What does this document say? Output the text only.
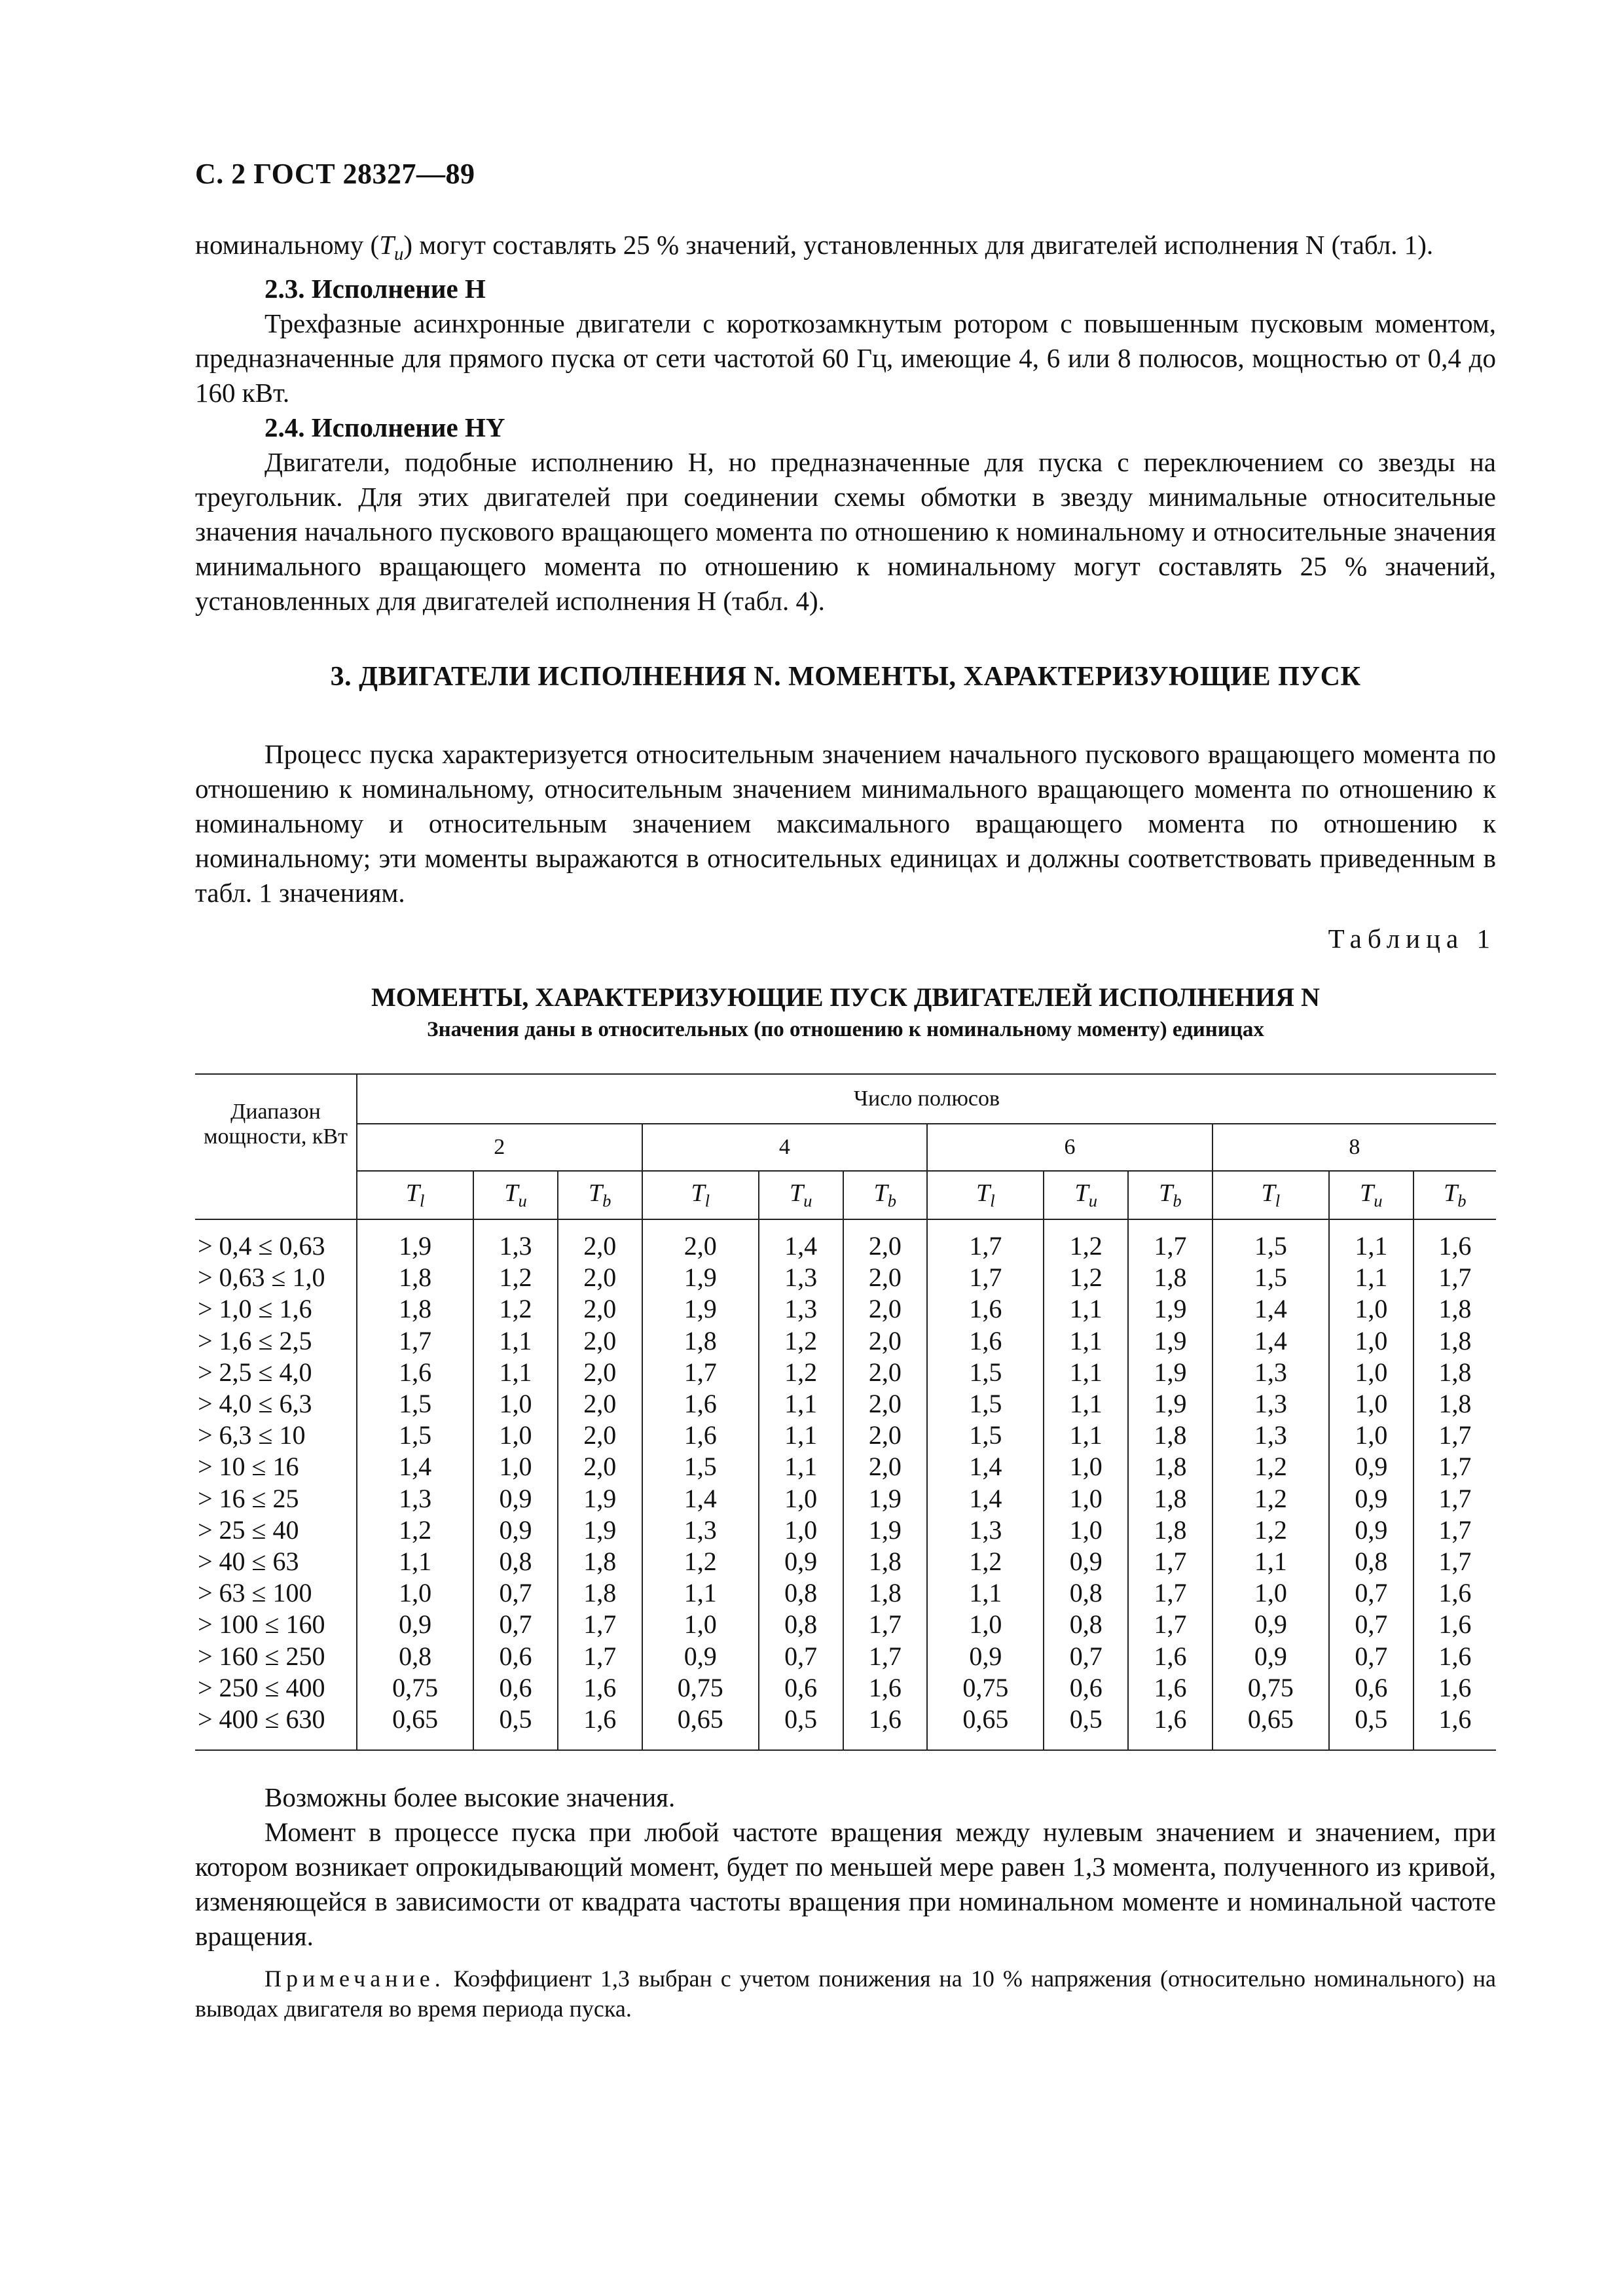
С. 2 ГОСТ 28327—89

номинальному $(T_u)$ могут составлять 25 % значений, установленных для двигателей исполнения N (табл. 1).

2.3. Исполнение H

Трехфазные асинхронные двигатели с короткозамкнутым ротором с повышенным пусковым моментом, предназначенные для прямого пуска от сети частотой 60 Гц, имеющие 4, 6 или 8 полюсов, мощностью от 0,4 до 160 кВт.

2.4. Исполнение HY

Двигатели, подобные исполнению H, но предназначенные для пуска с переключением со звезды на треугольник. Для этих двигателей при соединении схемы обмотки в звезду минимальные относительные значения начального пускового вращающего момента по отношению к номинальному и относительные значения минимального вращающего момента по отношению к номинальному могут составлять 25 % значений, установленных для двигателей исполнения H (табл. 4).

3. ДВИГАТЕЛИ ИСПОЛНЕНИЯ N. МОМЕНТЫ, ХАРАКТЕРИЗУЮЩИЕ ПУСК

Процесс пуска характеризуется относительным значением начального пускового вращающего момента по отношению к номинальному, относительным значением минимального вращающего момента по отношению к номинальному и относительным значением максимального вращающего момента по отношению к номинальному; эти моменты выражаются в относительных единицах и должны соответствовать приведенным в табл. 1 значениям.

Таблица 1
МОМЕНТЫ, ХАРАКТЕРИЗУЮЩИЕ ПУСК ДВИГАТЕЛЕЙ ИСПОЛНЕНИЯ N
Значения даны в относительных (по отношению к номинальному моменту) единицах
Диапазон мощности, кВт	Число полюсов											
	2			4			6			8		
	$T_l$	$T_u$	$T_b$	$T_l$	$T_u$	$T_b$	$T_l$	$T_u$	$T_b$	$T_l$	$T_u$	$T_b$
> 0,4 ≤ 0,63	1,9	1,3	2,0	2,0	1,4	2,0	1,7	1,2	1,7	1,5	1,1	1,6
> 0,63 ≤ 1,0	1,8	1,2	2,0	1,9	1,3	2,0	1,7	1,2	1,8	1,5	1,1	1,7
> 1,0 ≤ 1,6	1,8	1,2	2,0	1,9	1,3	2,0	1,6	1,1	1,9	1,4	1,0	1,8
> 1,6 ≤ 2,5	1,7	1,1	2,0	1,8	1,2	2,0	1,6	1,1	1,9	1,4	1,0	1,8
> 2,5 ≤ 4,0	1,6	1,1	2,0	1,7	1,2	2,0	1,5	1,1	1,9	1,3	1,0	1,8
> 4,0 ≤ 6,3	1,5	1,0	2,0	1,6	1,1	2,0	1,5	1,1	1,9	1,3	1,0	1,8
> 6,3 ≤ 10	1,5	1,0	2,0	1,6	1,1	2,0	1,5	1,1	1,8	1,3	1,0	1,7
> 10 ≤ 16	1,4	1,0	2,0	1,5	1,1	2,0	1,4	1,0	1,8	1,2	0,9	1,7
> 16 ≤ 25	1,3	0,9	1,9	1,4	1,0	1,9	1,4	1,0	1,8	1,2	0,9	1,7
> 25 ≤ 40	1,2	0,9	1,9	1,3	1,0	1,9	1,3	1,0	1,8	1,2	0,9	1,7
> 40 ≤ 63	1,1	0,8	1,8	1,2	0,9	1,8	1,2	0,9	1,7	1,1	0,8	1,7
> 63 ≤ 100	1,0	0,7	1,8	1,1	0,8	1,8	1,1	0,8	1,7	1,0	0,7	1,6
> 100 ≤ 160	0,9	0,7	1,7	1,0	0,8	1,7	1,0	0,8	1,7	0,9	0,7	1,6
> 160 ≤ 250	0,8	0,6	1,7	0,9	0,7	1,7	0,9	0,7	1,6	0,9	0,7	1,6
> 250 ≤ 400	0,75	0,6	1,6	0,75	0,6	1,6	0,75	0,6	1,6	0,75	0,6	1,6
> 400 ≤ 630	0,65	0,5	1,6	0,65	0,5	1,6	0,65	0,5	1,6	0,65	0,5	1,6

Возможны более высокие значения.

Момент в процессе пуска при любой частоте вращения между нулевым значением и значением, при котором возникает опрокидывающий момент, будет по меньшей мере равен 1,3 момента, полученного из кривой, изменяющейся в зависимости от квадрата частоты вращения при номинальном моменте и номинальной частоте вращения.

Примечание. Коэффициент 1,3 выбран с учетом понижения на 10 % напряжения (относительно номинального) на выводах двигателя во время периода пуска.
